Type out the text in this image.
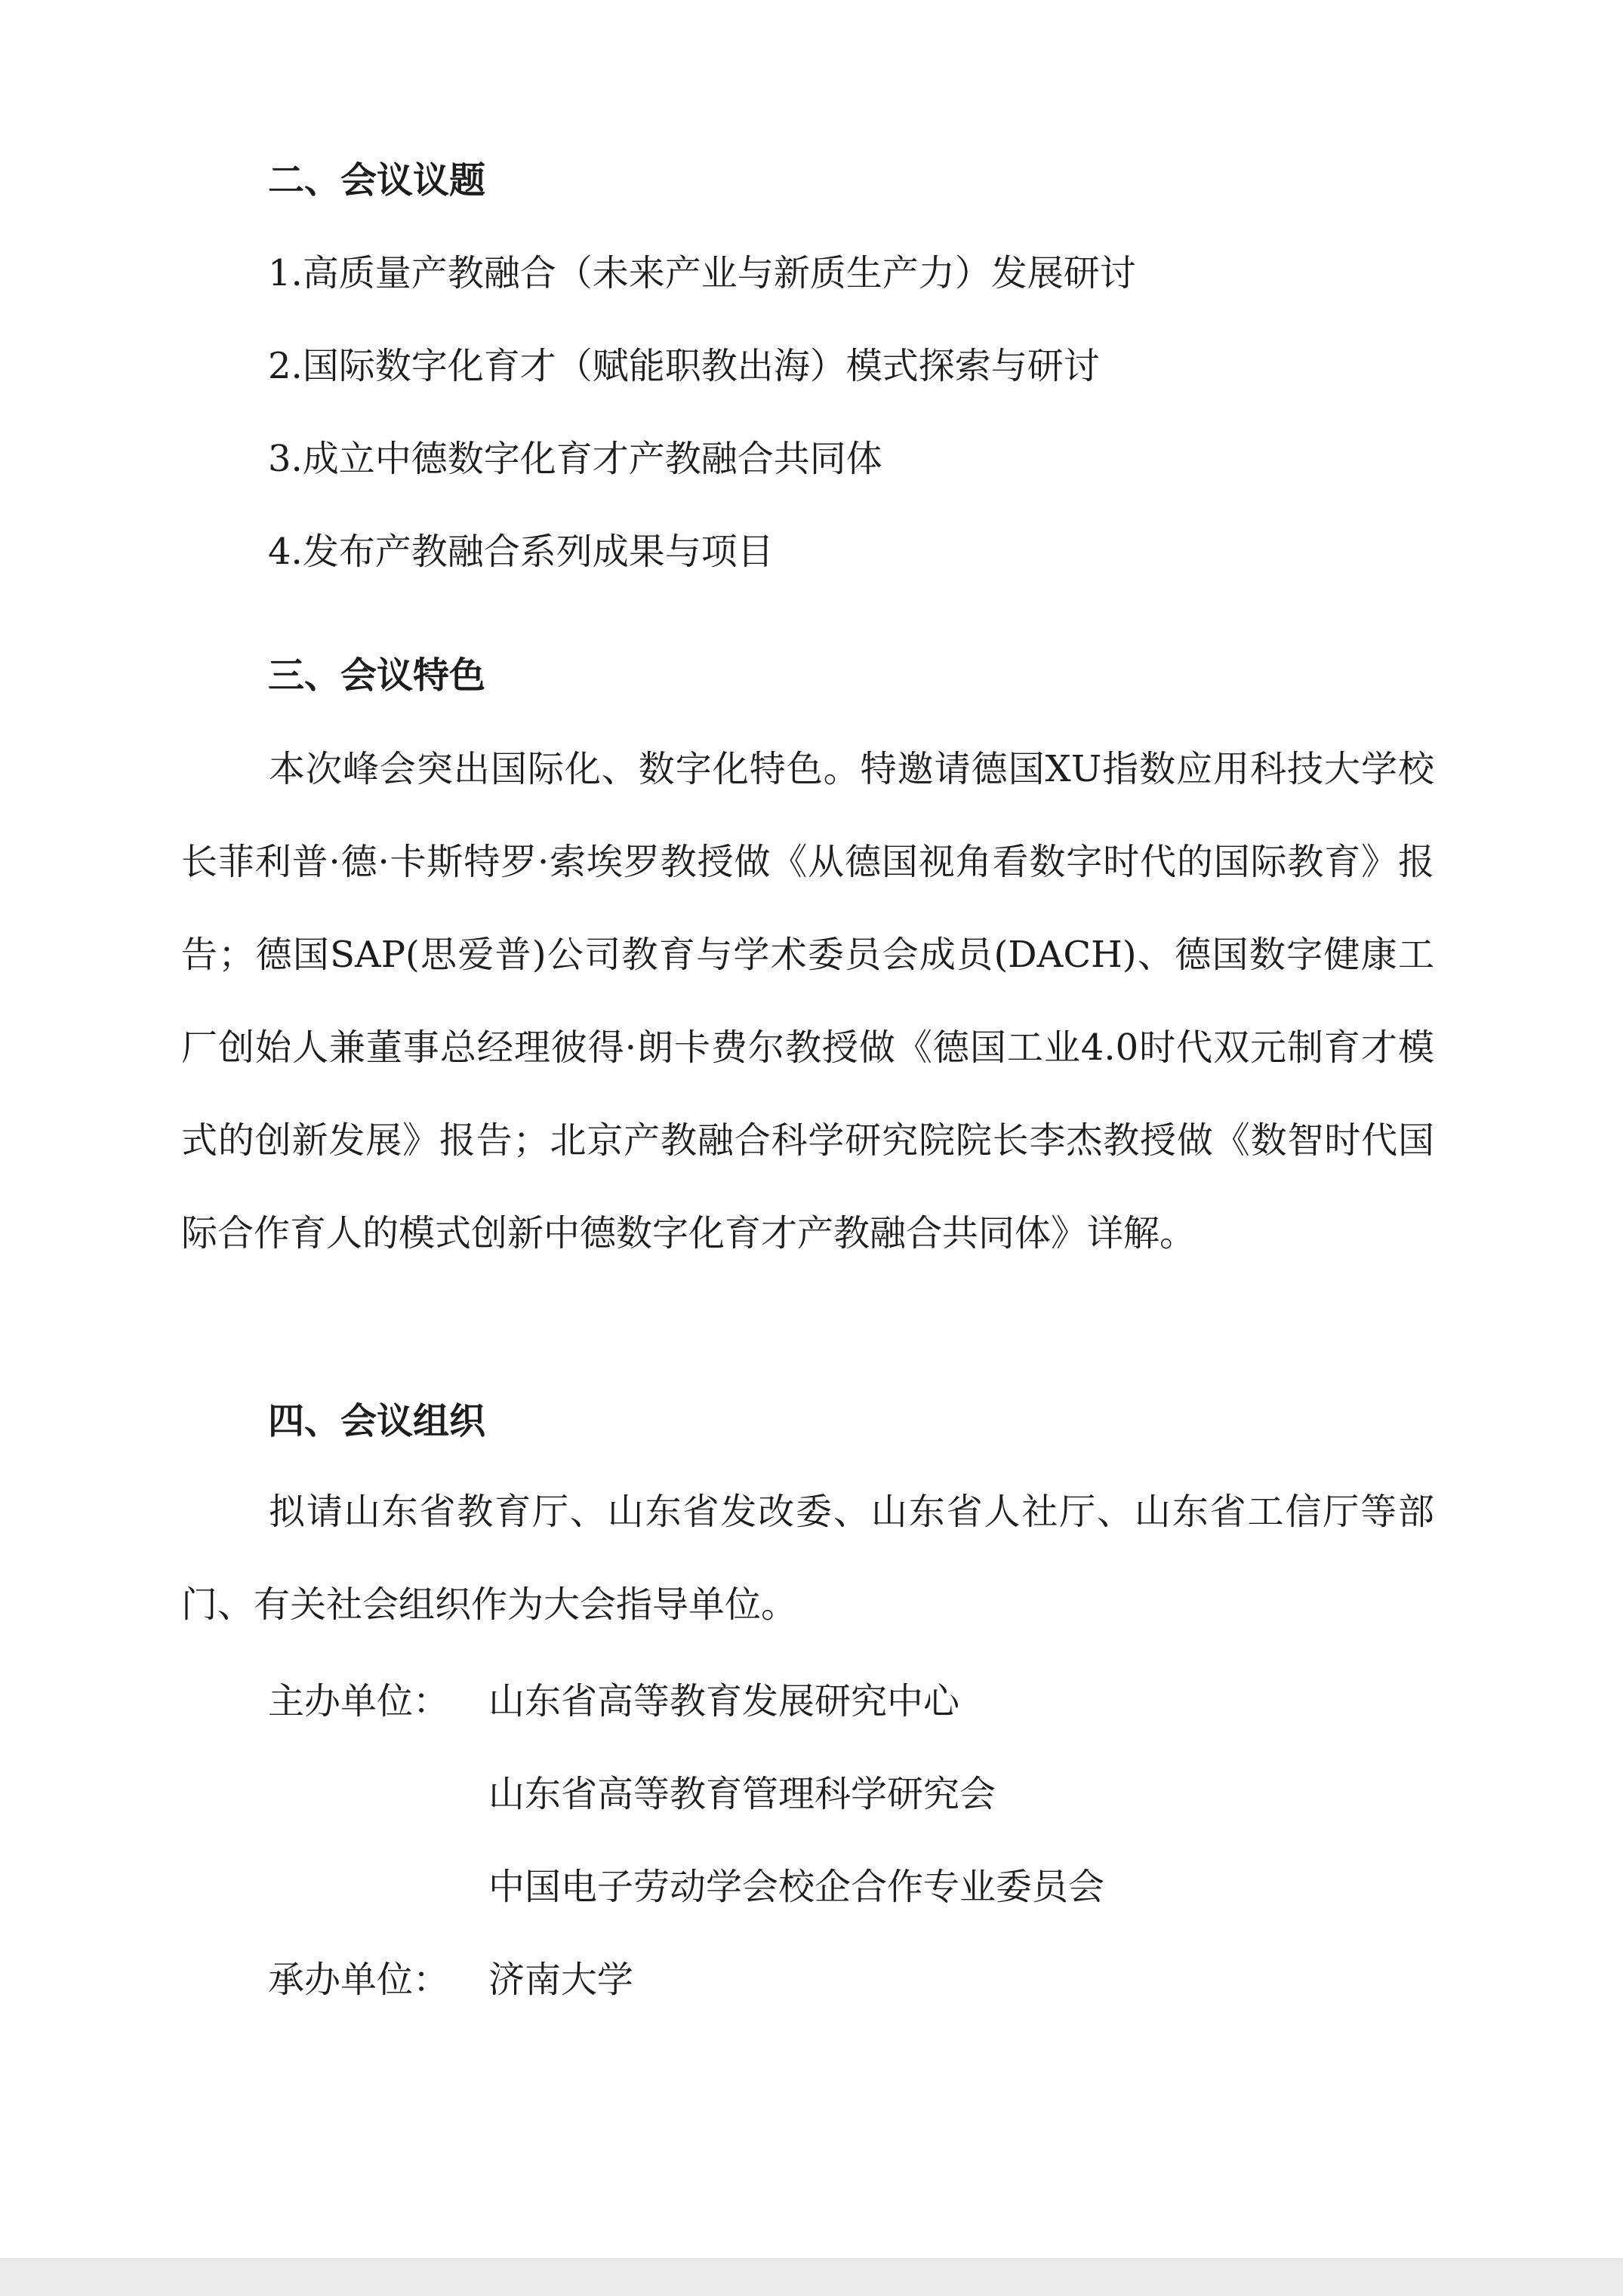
二、会议议题
1.高质量产教融合（未来产业与新质生产力）发展研讨
2.国际数字化育才（赋能职教出海）模式探索与研讨
3.成立中德数字化育才产教融合共同体
4.发布产教融合系列成果与项目
三、会议特色
本次峰会突出国际化、数字化特色。特邀请德国XU指数应用科技大学校长菲利普·德·卡斯特罗·索埃罗教授做《从德国视角看数字时代的国际教育》报告；德国SAP(思爱普)公司教育与学术委员会成员(DACH)、德国数字健康工厂创始人兼董事总经理彼得·朗卡费尔教授做《德国工业4.0时代双元制育才模式的创新发展》报告；北京产教融合科学研究院院长李杰教授做《数智时代国际合作育人的模式创新中德数字化育才产教融合共同体》详解。
四、会议组织
拟请山东省教育厅、山东省发改委、山东省人社厅、山东省工信厅等部门、有关社会组织作为大会指导单位。
主办单位： 山东省高等教育发展研究中心
山东省高等教育管理科学研究会
中国电子劳动学会校企合作专业委员会
承办单位： 济南大学
